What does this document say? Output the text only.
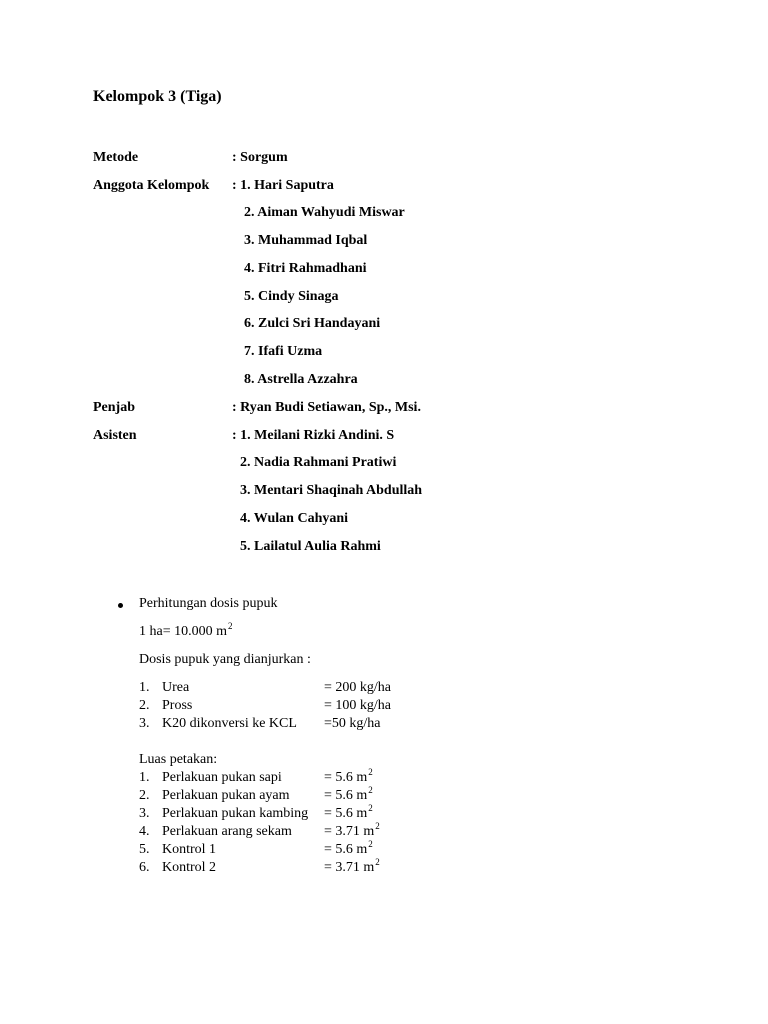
Kelompok 3 (Tiga)
Metode	: Sorgum
Anggota Kelompok : 1. Hari Saputra
2. Aiman Wahyudi Miswar
3. Muhammad Iqbal
4. Fitri Rahmadhani
5. Cindy Sinaga
6. Zulci Sri Handayani
7. Ifafi Uzma
8. Astrella Azzahra
Penjab	: Ryan Budi Setiawan, Sp., Msi.
Asisten	: 1. Meilani Rizki Andini. S
2. Nadia Rahmani Pratiwi
3. Mentari Shaqinah Abdullah
4. Wulan Cahyani
5. Lailatul Aulia Rahmi
Perhitungan dosis pupuk
1 ha= 10.000 $m^2$
Dosis pupuk yang dianjurkan :
1. Urea	= 200 kg/ha
2. Pross	= 100 kg/ha
3. K20 dikonversi ke KCL =50 kg/ha
Luas petakan:
1. Perlakuan pukan sapi	= 5.6 $m^2$
2. Perlakuan pukan ayam = 5.6 $m^2$
3. Perlakuan pukan kambing = 5.6 $m^2$
4. Perlakuan arang sekam = 3.71 $m^2$
5. Kontrol 1	= 5.6 $m^2$
6. Kontrol 2	= 3.71 $m^2$
